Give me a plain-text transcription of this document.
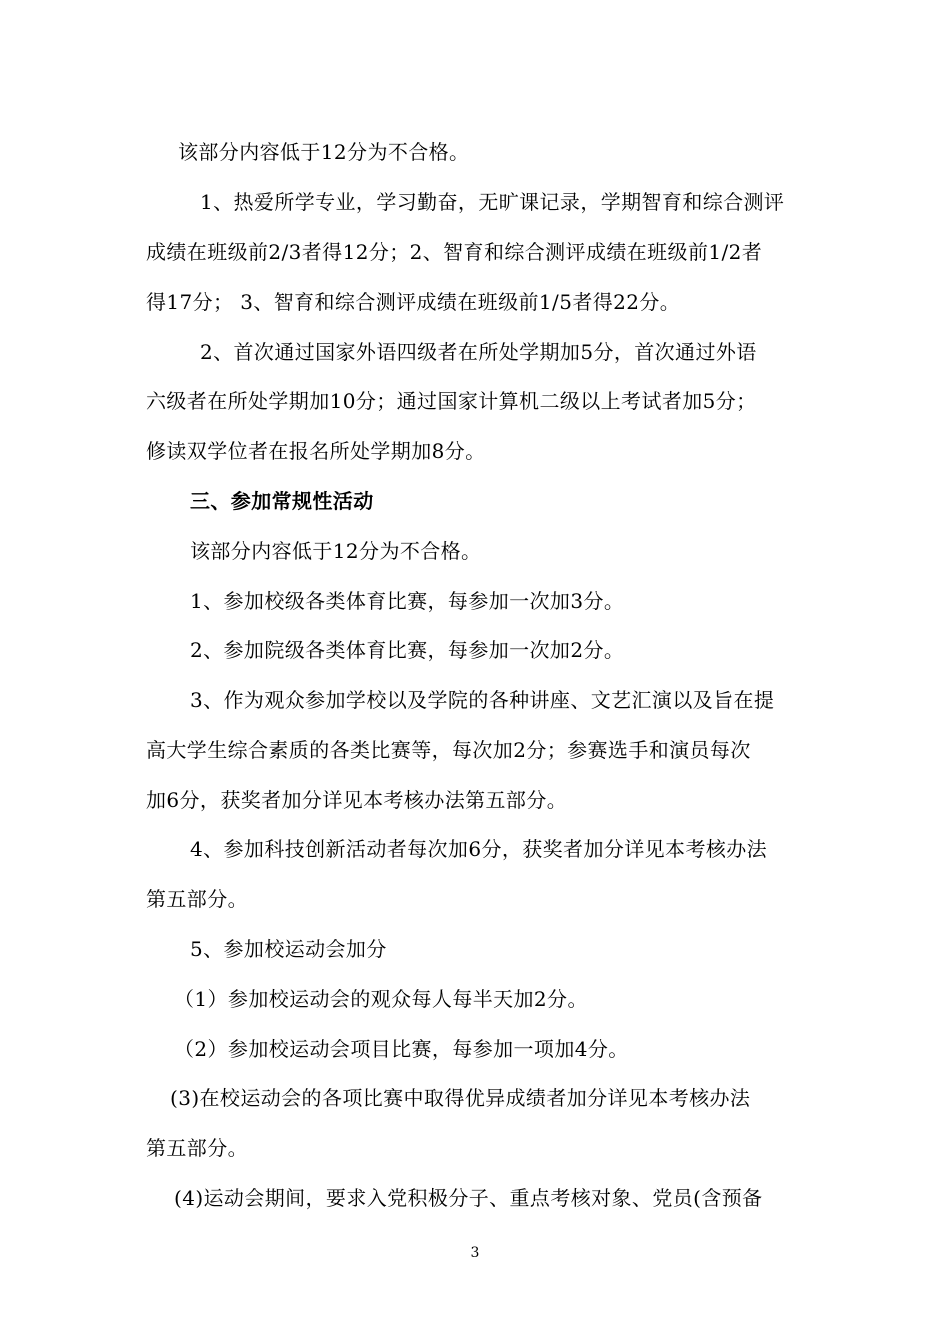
该部分内容低于12分为不合格。
1、热爱所学专业，学习勤奋，无旷课记录，学期智育和综合测评
成绩在班级前2/3者得12分；2、智育和综合测评成绩在班级前1/2者
得17分； 3、智育和综合测评成绩在班级前1/5者得22分。
2、首次通过国家外语四级者在所处学期加5分，首次通过外语
六级者在所处学期加10分；通过国家计算机二级以上考试者加5分；
修读双学位者在报名所处学期加8分。
三、参加常规性活动
该部分内容低于12分为不合格。
1、参加校级各类体育比赛，每参加一次加3分。
2、参加院级各类体育比赛，每参加一次加2分。
3、作为观众参加学校以及学院的各种讲座、文艺汇演以及旨在提
高大学生综合素质的各类比赛等，每次加2分；参赛选手和演员每次
加6分，获奖者加分详见本考核办法第五部分。
4、参加科技创新活动者每次加6分，获奖者加分详见本考核办法
第五部分。
5、参加校运动会加分
（1）参加校运动会的观众每人每半天加2分。
（2）参加校运动会项目比赛，每参加一项加4分。
(3)在校运动会的各项比赛中取得优异成绩者加分详见本考核办法
第五部分。
(4)运动会期间，要求入党积极分子、重点考核对象、党员(含预备
3
